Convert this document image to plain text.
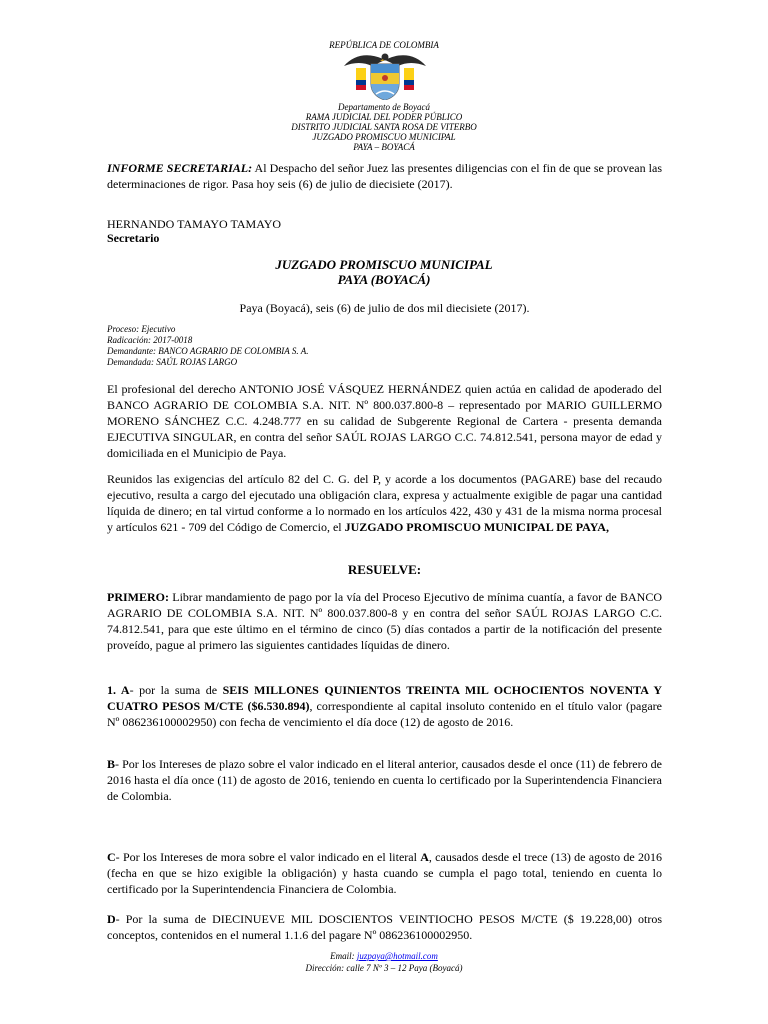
REPÚBLICA DE COLOMBIA
Departamento de Boyacá
RAMA JUDICIAL DEL PODER PÚBLICO
DISTRITO JUDICIAL SANTA ROSA DE VITERBO
JUZGADO PROMISCUO MUNICIPAL
PAYA – BOYACÁ
INFORME SECRETARIAL: Al Despacho del señor Juez las presentes diligencias con el fin de que se provean las determinaciones de rigor. Pasa hoy seis (6) de julio de diecisiete (2017).
HERNANDO TAMAYO TAMAYO
Secretario
JUZGADO PROMISCUO MUNICIPAL
PAYA (BOYACÁ)
Paya (Boyacá), seis (6) de julio de dos mil diecisiete (2017).
Proceso: Ejecutivo
Radicación: 2017-0018
Demandante: BANCO AGRARIO DE COLOMBIA S. A.
Demandada: SAÚL ROJAS LARGO
El profesional del derecho ANTONIO JOSÉ VÁSQUEZ HERNÁNDEZ quien actúa en calidad de apoderado del BANCO AGRARIO DE COLOMBIA S.A. NIT. Nº 800.037.800-8 – representado por MARIO GUILLERMO MORENO SÁNCHEZ C.C. 4.248.777 en su calidad de Subgerente Regional de Cartera - presenta demanda EJECUTIVA SINGULAR, en contra del señor SAÚL ROJAS LARGO C.C. 74.812.541, persona mayor de edad y domiciliada en el Municipio de Paya.
Reunidos las exigencias del artículo 82 del C. G. del P, y acorde a los documentos (PAGARE) base del recaudo ejecutivo, resulta a cargo del ejecutado una obligación clara, expresa y actualmente exigible de pagar una cantidad líquida de dinero; en tal virtud conforme a lo normado en los artículos 422, 430 y 431 de la misma norma procesal y artículos 621 - 709 del Código de Comercio, el JUZGADO PROMISCUO MUNICIPAL DE PAYA,
RESUELVE:
PRIMERO: Librar mandamiento de pago por la vía del Proceso Ejecutivo de mínima cuantía, a favor de BANCO AGRARIO DE COLOMBIA S.A. NIT. Nº 800.037.800-8 y en contra del señor SAÚL ROJAS LARGO C.C. 74.812.541, para que este último en el término de cinco (5) días contados a partir de la notificación del presente proveído, pague al primero las siguientes cantidades líquidas de dinero.
1. A- por la suma de SEIS MILLONES QUINIENTOS TREINTA MIL OCHOCIENTOS NOVENTA Y CUATRO PESOS M/CTE ($6.530.894), correspondiente al capital insoluto contenido en el título valor (pagare Nº 086236100002950) con fecha de vencimiento el día doce (12) de agosto de 2016.
B- Por los Intereses de plazo sobre el valor indicado en el literal anterior, causados desde el once (11) de febrero de 2016 hasta el día once (11) de agosto de 2016, teniendo en cuenta lo certificado por la Superintendencia Financiera de Colombia.
C- Por los Intereses de mora sobre el valor indicado en el literal A, causados desde el trece (13) de agosto de 2016 (fecha en que se hizo exigible la obligación) y hasta cuando se cumpla el pago total, teniendo en cuenta lo certificado por la Superintendencia Financiera de Colombia.
D- Por la suma de DIECINUEVE MIL DOSCIENTOS VEINTIOCHO PESOS M/CTE ($ 19.228,00) otros conceptos, contenidos en el numeral 1.1.6 del pagare Nº 086236100002950.
Email: juzpaya@hotmail.com
Dirección: calle 7 Nº 3 – 12 Paya (Boyacá)
